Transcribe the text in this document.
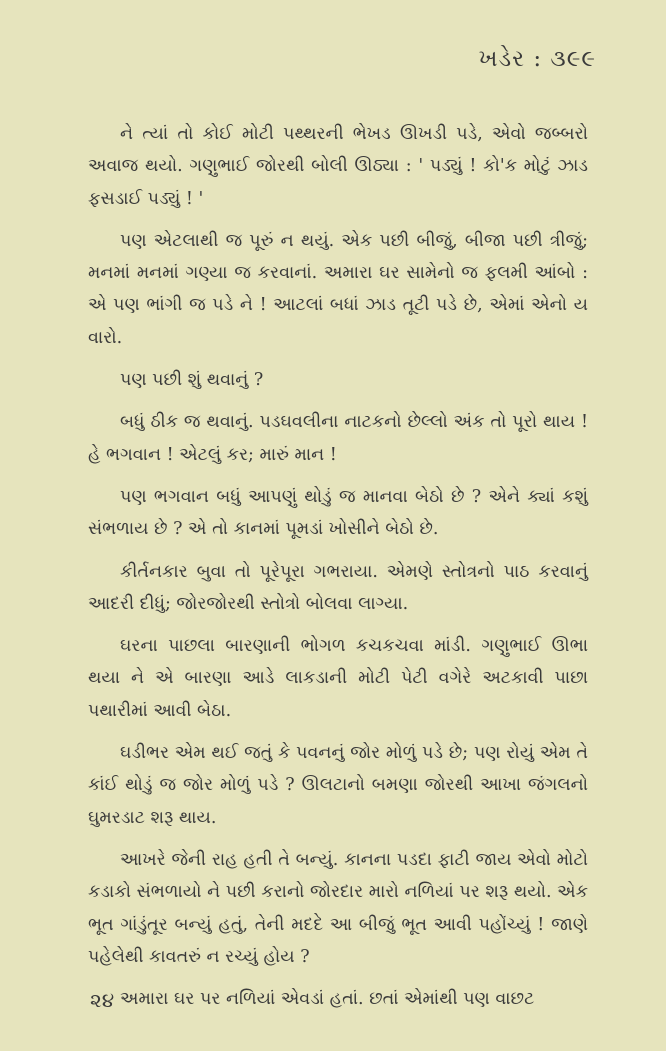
ખડેર : ૩૯૯

ને ત્યાં તો કોઈ મોટી પથ્થરની ભેખડ ઊખડી પડે, એવો જબ્બરો અવાજ થયો. ગણુભાઈ જોરથી બોલી ઊઠ્યા : ' પડ્યું ! કો'ક મોટું ઝાડ ફસડાઈ પડ્યું ! '

પણ એટલાથી જ પૂરું ન થયું. એક પછી બીજું, બીજા પછી ત્રીજું; મનમાં મનમાં ગણ્યા જ કરવાનાં. અમારા ઘર સામેનો જ ફલમી આંબો : એ પણ ભાંગી જ પડે ને ! આટલાં બધાં ઝાડ તૂટી પડે છે, એમાં એનો ય વારો.

પણ પછી શું થવાનું ?

બધું ઠીક જ થવાનું. પડઘવલીના નાટકનો છેલ્લો અંક તો પૂરો થાય ! હે ભગવાન ! એટલું કર; મારું માન !

પણ ભગવાન બધું આપણું થોડું જ માનવા બેઠો છે ? એને ક્યાં કશું સંભળાય છે ? એ તો કાનમાં પૂમડાં ખોસીને બેઠો છે.

કીર્તનકાર બુવા તો પૂરેપૂરા ગભરાયા. એમણે સ્તોત્રનો પાઠ કરવાનું આદરી દીધું; જોરજોરથી સ્તોત્રો બોલવા લાગ્યા.

ઘરના પાછલા બારણાની ભોગળ કચકચવા માંડી. ગણુભાઈ ઊભા થયા ને એ બારણા આડે લાકડાની મોટી પેટી વગેરે અટકાવી પાછા પથારીમાં આવી બેઠા.

ઘડીભર એમ થઈ જતું કે પવનનું જોર મોળું પડે છે; પણ રોયું એમ તે કાંઈ થોડું જ જોર મોળું પડે ? ઊલટાનો બમણા જોરથી આખા જંગલનો ઘુમરડાટ શરૂ થાય.

આખરે જેની રાહ હતી તે બન્યું. કાનના પડદા ફાટી જાય એવો મોટો કડાકો સંભળાયો ને પછી કરાનો જોરદાર મારો નળિયાં પર શરૂ થયો. એક ભૂત ગાંડુંતૂર બન્યું હતું, તેની મદદે આ બીજું ભૂત આવી પહોંચ્યું ! જાણે પહેલેથી કાવતરું ન રચ્યું હોય ?

અમારા ઘર પર નળિયાં એવડાં હતાં. છતાં એમાંથી પણ વાછટ

૨૪
